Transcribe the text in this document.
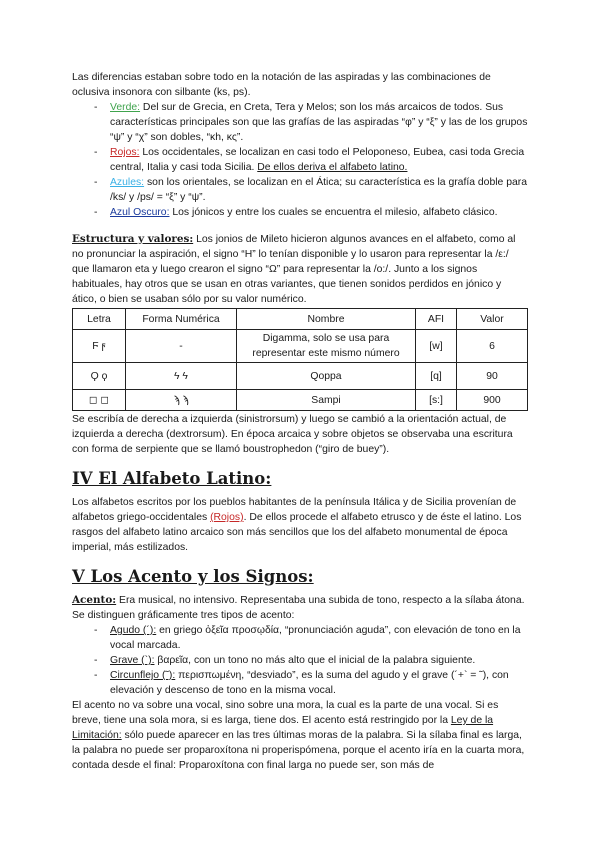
Las diferencias estaban sobre todo en la notación de las aspiradas y las combinaciones de oclusiva insonora con silbante (ks, ps).

- Verde: Del sur de Grecia, en Creta, Tera y Melos; son los más arcaicos de todos. Sus características principales son que las grafías de las aspiradas “φ” y “ξ” y las de los grupos “ψ” y “χ” son dobles, “κh, κς”.
- Rojos: Los occidentales, se localizan en casi todo el Peloponeso, Eubea, casi toda Grecia central, Italia y casi toda Sicilia. De ellos deriva el alfabeto latino.
- Azules: son los orientales, se localizan en el Ática; su característica es la grafía doble para /ks/ y /ps/ = “ξ” y “ψ”.
- Azul Oscuro: Los jónicos y entre los cuales se encuentra el milesio, alfabeto clásico.

Estructura y valores: Los jonios de Mileto hicieron algunos avances en el alfabeto, como al no pronunciar la aspiración, el signo “H” lo tenían disponible y lo usaron para representar la /ε:/ que llamaron eta y luego crearon el signo “Ω” para representar la /o:/. Junto a los signos habituales, hay otros que se usan en otras variantes, que tienen sonidos perdidos en jónico y ático, o bien se usaban sólo por su valor numérico.

Letra	Forma Numérica	Nombre	AFI	Valor
Ϝ ϝ	-	Digamma, solo se usa para representar este mismo número	[w]	6
Ϙ ϙ	ϟ ϟ	Qoppa	[q]	90
◻ ◻	ϡ ϡ	Sampi	[s:]	900

Se escribía de derecha a izquierda (sinistrorsum) y luego se cambió a la orientación actual, de izquierda a derecha (dextrorsum). En época arcaica y sobre objetos se observaba una escritura con forma de serpiente que se llamó boustrophedon (“giro de buey”).

IV El Alfabeto Latino:

Los alfabetos escritos por los pueblos habitantes de la península Itálica y de Sicilia provenían de alfabetos griego-occidentales (Rojos). De ellos procede el alfabeto etrusco y de éste el latino. Los rasgos del alfabeto latino arcaico son más sencillos que los del alfabeto monumental de época imperial, más estilizados.

V Los Acento y los Signos:

Acento: Era musical, no intensivo. Representaba una subida de tono, respecto a la sílaba átona. Se distinguen gráficamente tres tipos de acento:

- Agudo (´): en griego ὀξεῖα προσῳδία, “pronunciación aguda”, con elevación de tono en la vocal marcada.
- Grave (`): βαρεῖα, con un tono no más alto que el inicial de la palabra siguiente.
- Circunflejo (῀): περισπωμένη, “desviado”, es la suma del agudo y el grave (´+` = ῀), con elevación y descenso de tono en la misma vocal.

El acento no va sobre una vocal, sino sobre una mora, la cual es la parte de una vocal. Si es breve, tiene una sola mora, si es larga, tiene dos. El acento está restringido por la Ley de la Limitación: sólo puede aparecer en las tres últimas moras de la palabra. Si la sílaba final es larga, la palabra no puede ser proparoxítona ni properispómena, porque el acento iría en la cuarta mora, contada desde el final: Proparoxítona con final larga no puede ser, son más de
